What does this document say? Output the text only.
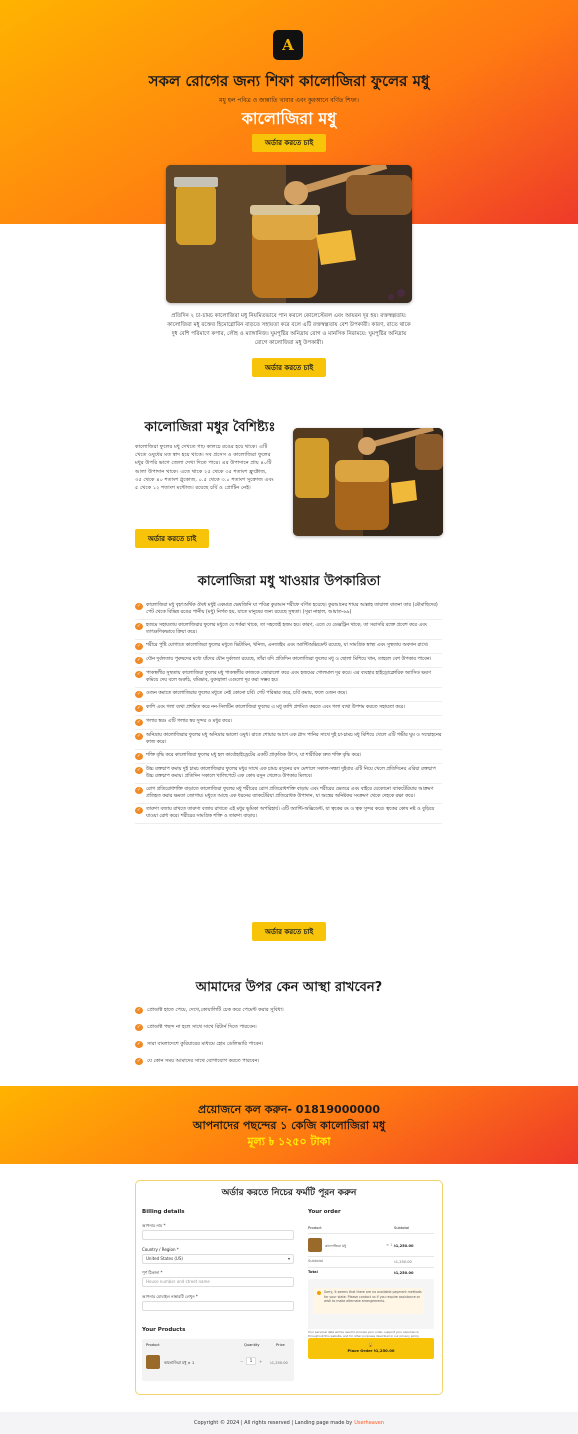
A
সকল রোগের জন্য শিফা কালোজিরা ফুলের মধু
মধু হল পবিত্র ও জান্নাতি খাবার এবং কুরআনে বর্ণিত শিফা।
কালোজিরা মধু
অর্ডার করতে চাই
প্রতিদিন ২ চা-চামচ কালোজিরা মধু নিয়মিতভাবে পান করলে কোলেস্টেরল এবং আয়রন দূর হয়। রক্তস্বল্পতায়: কালোজিরা মধু রক্তের হিমোগ্লোবিন বাড়তে সহায়তা করে বলে এটি রক্তস্বল্পতায় বেশ উপকারী। কারণ, রাতে থাকে দুধ বেশি পরিমাণে কপার, লৌহ ও ম্যাঙ্গানিজ। ঘুমপুষ্টির অনিদ্রায় রোগ ও মানসিক নিরাময়ে: ঘুমপুষ্টির অনিদ্রায় রোগে কালোজিরা মধু উপকারী।
অর্ডার করতে চাই
কালোজিরা মধুর বৈশিষ্ট্যঃ
কালোজিরা ফুলের মধু দেখতে গাঢ় কালচে রঙের হয়ে থাকে। এটি খেতে ওষুধের মত স্বাদ হয়ে থাকে। সব প্রসেস ও কালোজিরা ফুলের মধুর উপরি ভাগে জেলা দেখা দিতে পারে। এর উপাদানে প্রায় ৪০টি আলা উপাদান থাকে। এতে থাকে ২৫ থেকে ৩৫ শতাংশ ফ্রুক্টোজ, ৩৫ থেকে ৪০ শতাংশ গ্লুকোজ, ০.৫ থেকে ৩.০ শতাংশ সুক্রোজ এবং ৫ থেকে ১২ শতাংশ মন্টোজ। রয়েছে চর্বি ও প্রোটিন নেই।
অর্ডার করতে চাই
কালোজিরা মধু খাওয়ার উপকারিতা
✓	কালোজিরা মধু বৃহৎঅর্থিক ঔষধ মধুই একমাত্র ভেষজিনি যা পবিত্র কুরআন শরীফে বর্ণিত হয়েছে। কুরআনের শায়র আল্লাহ তায়ালা বাতনা তার (মৌমাছিদের) পেট থেকে বিভিন্ন রঙের পানীয় (মধু) নির্গত হয়, যাতে মানুষের জন্য রয়েছে সুস্থতা। (সূরা নাহাল, আয়াত-৬৯)
✓	হজমে সহায়তায় কালোজিরার ফুলের মধুতে যে শর্করা থাকে, তা সহজেই হজম হয়। কারণ, এতে যে ডেক্সট্রিন থাকে, তা সরাসরি রক্তে প্রবেশ করে এবং তাৎক্ষণিকভাবে ক্রিয়া করে।
✓	শরীরে পুষ্টি যোগাতে কালোজিরা ফুলের মধুতে ভিটামিন, খনিজ, এনজাইম এবং অ্যান্টিঅক্সিডেন্ট রয়েছে, যা সামগ্রিক স্বাস্থ্য এবং সুস্থতায় অবদান রাখে।
✓	যৌন দুর্বলতায় পুরুষদের মধ্যে যাঁদের যৌন দুর্বলতা রয়েছে, তাঁরা যদি প্রতিদিন কালোজিরা ফুলের মধু ও ছোলা মিশিয়ে খান, তাহলে বেশ উপকার পাবেন।
✓	পাকস্থলীর সুস্থতায় কালোজিরা ফুলের মধু পাকস্থলীর কাজকে জোরালো করে এবং হজমের গোলমাল দূর করে। এর ব্যবহার হাইড্রোক্লোরিক অ্যাসিড ক্ষরণ কমিয়ে দেয় বলে অরুচি, বমিভাব, বুকজ্বালা এগুলো দূর করা সম্ভব হয়।
✓	ওজন কমাতে কালোজিরার ফুলের মধুতে নেই কোনো চর্বি। পেট পরিষ্কার করে, চর্বি কমায়, ফলে ওজন কমে।
✓	কাশি এবং গলা ব্যথা প্রশমিত করে নন-সিলটিন কালোজিরা ফুলের এ মধু কাশি প্রশমিত করতে এবং গলা ব্যথা উপশম করতে সহায়তা করে।
✓	গলার স্বরঃ এটি গলার স্বর সুন্দর ও মধুর করে।
✓	অনিদ্রায় কালোজিরার ফুলের মধু অনিদ্রার ভালো ওষুধ। রাতে শোয়ার আগে এক গ্লাস পানির সাথে দুই চা-চামচ মধু মিশিয়ে খেলে এটি গভীর ঘুম ও সম্মোহনের কাজ করে।
✓	শক্তি বৃদ্ধি করে কালোজিরা ফুলের মধু হল কার্বোহাইড্রেটের একটি প্রাকৃতিক উৎস, যা শারীরিক দ্রুত শক্তি বৃদ্ধি করে।
✓	উচ্চ রক্তচাপ কমায় দুই চামচ কালোজিরার ফুলের মধুর সাথে এক চামচ রসুনের রস মেশালে সকাল-সন্ধ্যা দুইবার এটি নিয়ে খেলে প্রতিদিনের এরিয়া রক্তচাপ উচ্চ রক্তচাপ কমায়। প্রতিদিন সকালে খালিপেটে এক কোষ রসুন খেলেও উপকার মিলবে।
✓	রোগ প্রতিরোধশক্তি বাড়াতে কালোজিরা ফুলের মধু শরীরের রোগ প্রতিরোধশক্তি বাড়ায় এবং শরীরের ভেতরে এবং বাইরে যেকোনো ব্যাকটেরিয়ার আক্রমণ প্রতিহত করার ক্ষমতা জোগায়। মধুতে আছে এক ধরনের ব্যাকটেরিয়া প্রতিরোধক উপাদান, যা অন্ত্রের অনিষ্টকর সংক্রমণ থেকে দেহকে রক্ষা করে।
✓	তারুণ্য বজায় রাখতে তারুণ্য বজায় রাখতে এই মধুর ভূমিকা অপরিহার্য। এটি অ্যান্টি-অক্সিডেন্ট, যা ত্বকের রং ও ত্বক সুন্দর করে। ত্বকের কোষ নষ্ট ও বুড়িয়ে যাওয়া রোধ করে। শরীরের সামগ্রিক শক্তি ও তারুণ্য বাড়ায়।
অর্ডার করতে চাই
আমাদের উপর কেন আস্থা রাখবেন?
✓	প্রোডাক্ট হাতে পেয়ে, দেখে,কোয়ালিটি চেক করে পেমেন্ট করার সুবিধা।
✓	প্রোডাক্ট পছন্দ না হলে সাথে সাথে রিটার্ন দিতে পারবেন।
✓	সারা বাংলাদেশে কুরিয়ারের মাধ্যমে হোম ডেলিভারি পাবেন।
✓	যে কোন সময় আমাদের সাথে যোগাযোগ করতে পারবেন।
প্রয়োজনে কল করুন- 01819000000
আপনাদের পছন্দের ১ কেজি কালোজিরা মধু
মূল্য ৳ ১২৫০ টাকা
অর্ডার করতে নিচের ফর্মটি পূরন করুন
Billing details
আপনার নাম *
Country / Region *
United States (US)	▾
পূর্ণ ঠিকানা *
House number and street name
আপনার মোবাইল নাম্বারটি লেখুন *
Your Products
Product	Quantity	Price
কালোজিরা মধু × 1	−	1	+ ৳1,250.00
Your order
Product	Subtotal
কালোজিরা মধু	× 1 ৳1,250.00
Subtotal	৳1,250.00
Total	৳1,250.00
Sorry, it seems that there are no available payment methods for your state. Please contact us if you require assistance or wish to make alternate arrangements.
Your personal data will be used to process your order, support your experience throughout this website, and for other purposes described in our privacy policy.
🔒
Place Order ৳1,250.00
Copyright © 2024 | All rights reserved | Landing page made by Userheaven
